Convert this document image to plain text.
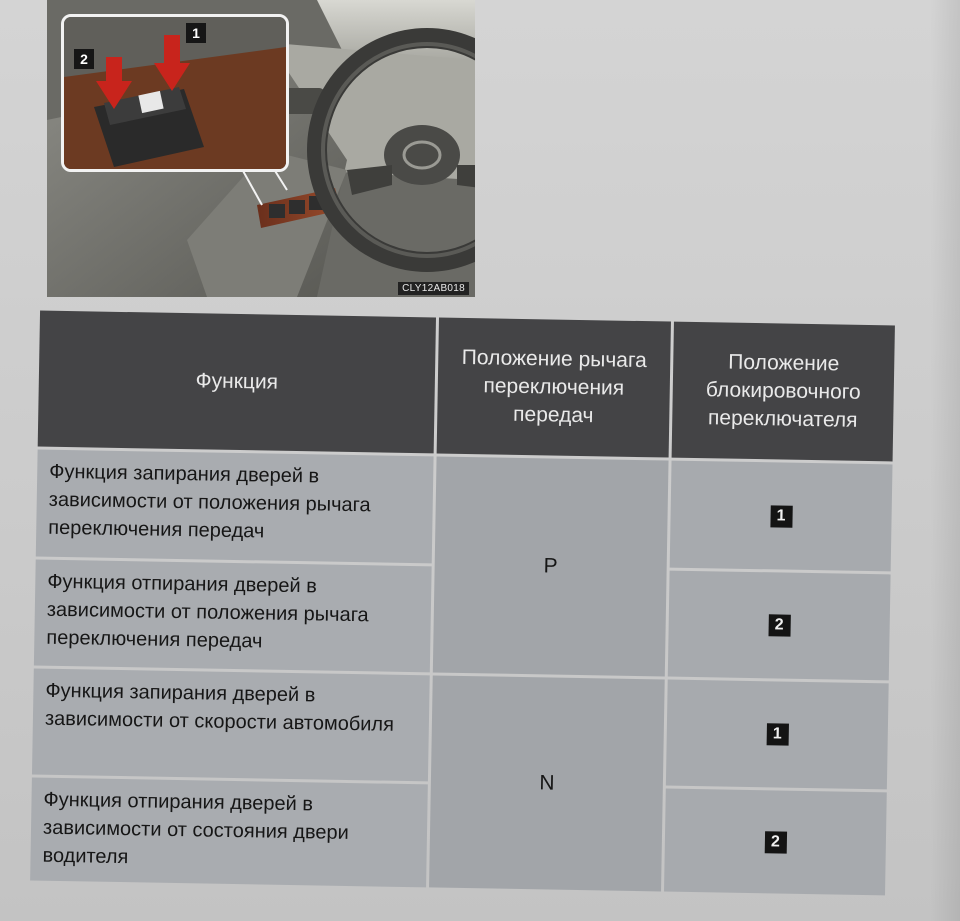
2
1
CLY12AB018
Функция
Положение рычага переключения передач
Положение блокировочного переключателя
Функция запирания дверей в зависимости от положения рычага переключения передач
Функция отпирания дверей в зависимости от положения рычага переключения передач
Функция запирания дверей в зависимости от скорости автомобиля
Функция отпирания дверей в зависимости от состояния двери водителя
P
N
1
2
1
2
